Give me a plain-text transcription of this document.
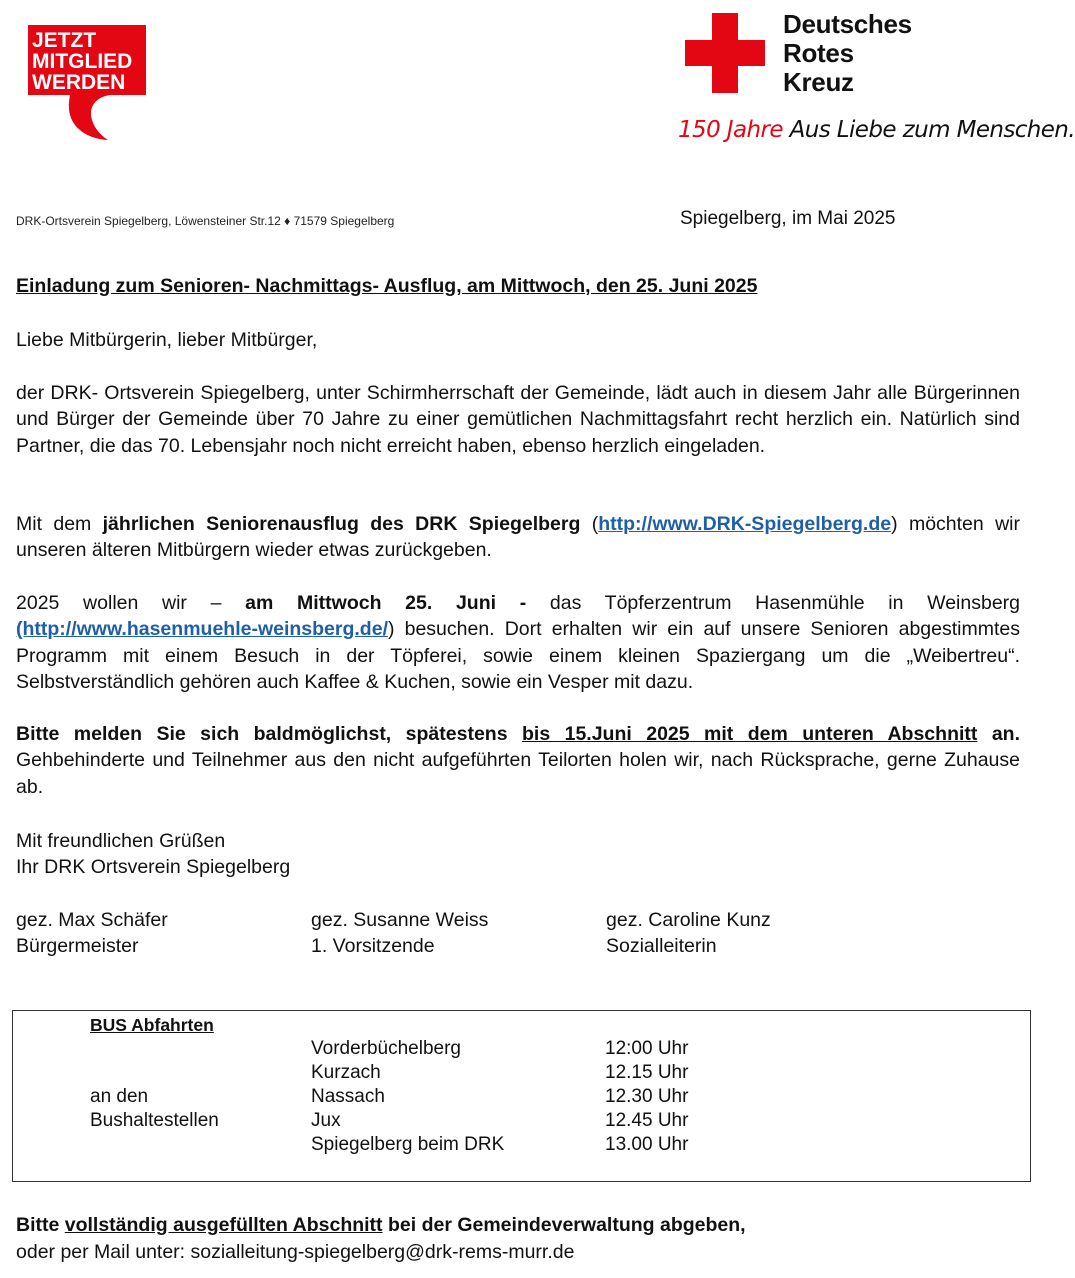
JETZT
MITGLIED
WERDEN
Deutsches
Rotes
Kreuz
150 Jahre Aus Liebe zum Menschen.
DRK-Ortsverein Spiegelberg, Löwensteiner Str.12 ♦ 71579 Spiegelberg	Spiegelberg, im Mai 2025
Einladung zum Senioren- Nachmittags- Ausflug, am Mittwoch, den 25. Juni 2025
Liebe Mitbürgerin, lieber Mitbürger,
der DRK- Ortsverein Spiegelberg, unter Schirmherrschaft der Gemeinde, lädt auch in diesem Jahr alle Bürgerinnen und Bürger der Gemeinde über 70 Jahre zu einer gemütlichen Nachmittagsfahrt recht herzlich ein. Natürlich sind Partner, die das 70. Lebensjahr noch nicht erreicht haben, ebenso herzlich eingeladen.
Mit dem jährlichen Seniorenausflug des DRK Spiegelberg (http://www.DRK-Spiegelberg.de) möchten wir unseren älteren Mitbürgern wieder etwas zurückgeben.
2025 wollen wir – am Mittwoch 25. Juni - das Töpferzentrum Hasenmühle in Weinsberg (http://www.hasenmuehle-weinsberg.de/) besuchen. Dort erhalten wir ein auf unsere Senioren abgestimmtes Programm mit einem Besuch in der Töpferei, sowie einem kleinen Spaziergang um die „Weibertreu“. Selbstverständlich gehören auch Kaffee & Kuchen, sowie ein Vesper mit dazu.
Bitte melden Sie sich baldmöglichst, spätestens bis 15.Juni 2025 mit dem unteren Abschnitt an. Gehbehinderte und Teilnehmer aus den nicht aufgeführten Teilorten holen wir, nach Rücksprache, gerne Zuhause ab.
Mit freundlichen Grüßen
Ihr DRK Ortsverein Spiegelberg
gez. Max Schäfer
Bürgermeister
gez. Susanne Weiss
1. Vorsitzende
gez. Caroline Kunz
Sozialleiterin
BUS Abfahrten
an den
Bushaltestellen
Vorderbüchelberg
Kurzach
Nassach
Jux
Spiegelberg beim DRK
12:00 Uhr
12.15 Uhr
12.30 Uhr
12.45 Uhr
13.00 Uhr
Bitte vollständig ausgefüllten Abschnitt bei der Gemeindeverwaltung abgeben,
oder per Mail unter: sozialleitung-spiegelberg@drk-rems-murr.de
